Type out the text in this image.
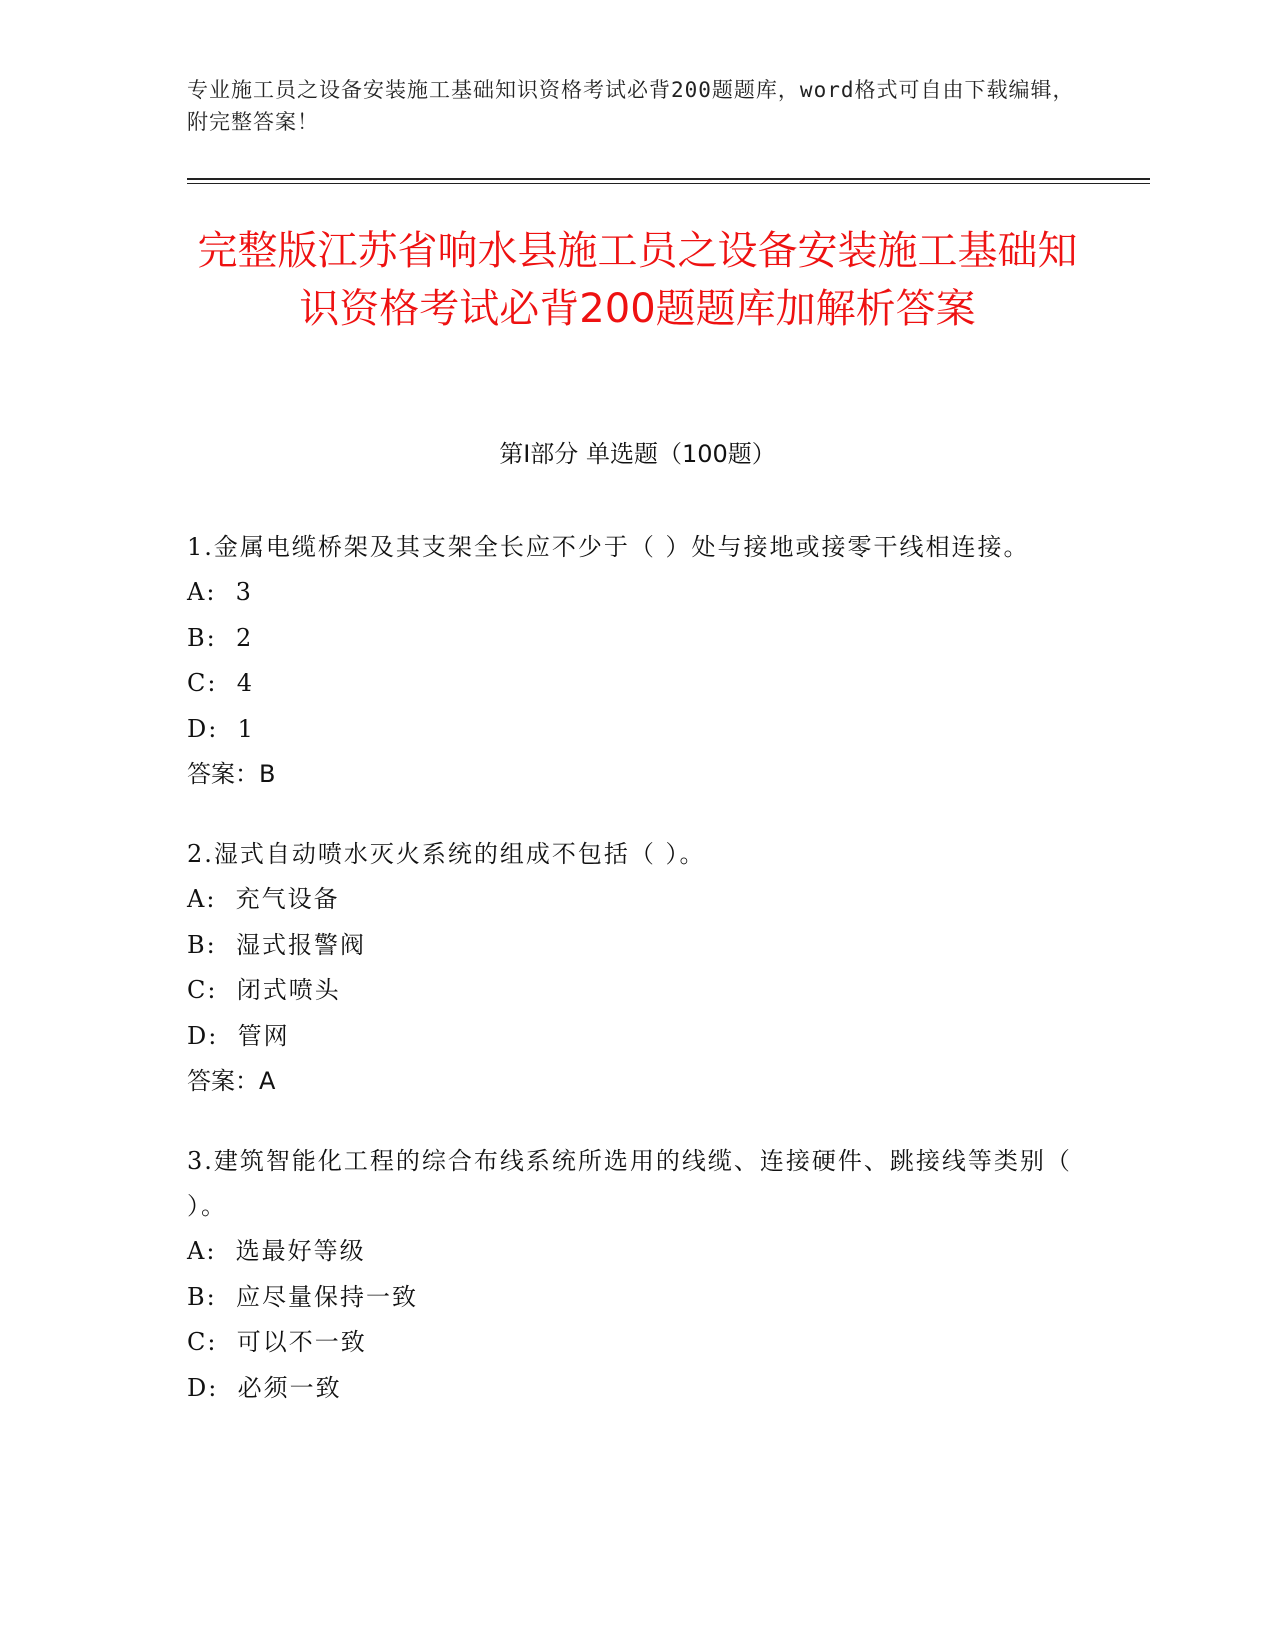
专业施工员之设备安装施工基础知识资格考试必背200题题库，word格式可自由下载编辑，附完整答案！
完整版江苏省响水县施工员之设备安装施工基础知识资格考试必背200题题库加解析答案
第I部分 单选题（100题）

1.金属电缆桥架及其支架全长应不少于（ ）处与接地或接零干线相连接。

A:  3

B:  2

C:  4

D:  1

答案：B

2.湿式自动喷水灭火系统的组成不包括（ ）。

A:  充气设备

B:  湿式报警阀

C:  闭式喷头

D:  管网

答案：A

3.建筑智能化工程的综合布线系统所选用的线缆、连接硬件、跳接线等类别（ ）。

A:  选最好等级

B:  应尽量保持一致

C:  可以不一致

D:  必须一致
